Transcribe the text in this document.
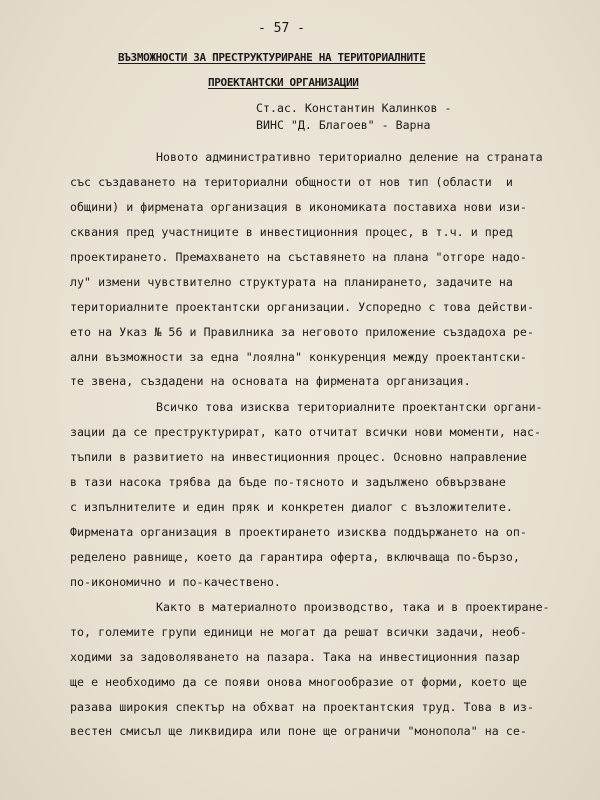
- 57 -
ВЪЗМОЖНОСТИ ЗА ПРЕСТРУКТУРИРАНЕ НА ТЕРИТОРИАЛНИТЕ
ПРОЕКТАНТСКИ ОРГАНИЗАЦИИ
Ст.ас. Константин Калинков -
ВИНС "Д. Благоев" - Варна
Новото административно териториално деление на страната
със създаването на териториални общности от нов тип (области  и
общини) и фирмената организация в икономиката поставиха нови изи-
сквания пред участниците в инвестиционния процес, в т.ч. и пред
проектирането. Премахването на съставянето на плана "отгоре надо-
лу" измени чувствително структурата на планирането, задачите на
териториалните проектантски организации. Успоредно с това действи-
ето на Указ № 56 и Правилника за неговото приложение създадоха ре-
ални възможности за една "лоялна" конкуренция между проектантски-
те звена, създадени на основата на фирмената организация.
Всичко това изисква териториалните проектантски органи-
зации да се преструктурират, като отчитат всички нови моменти, нас-
тъпили в развитието на инвестиционния процес. Основно направление
в тази насока трябва да бъде по-тясното и задължено обвързване
с изпълнителите и един пряк и конкретен диалог с възложителите.
Фирмената организация в проектирането изисква поддържането на оп-
ределено равнище, което да гарантира оферта, включваща по-бързо,
по-икономично и по-качествено.
Както в материалното производство, така и в проектиране-
то, големите групи единици не могат да решат всички задачи, необ-
ходими за задоволяването на пазара. Така на инвестиционния пазар
ще е необходимо да се появи онова многообразие от форми, което ще
разава широкия спектър на обхват на проектантския труд. Това в из-
вестен смисъл ще ликвидира или поне ще ограничи "монопола" на се-
